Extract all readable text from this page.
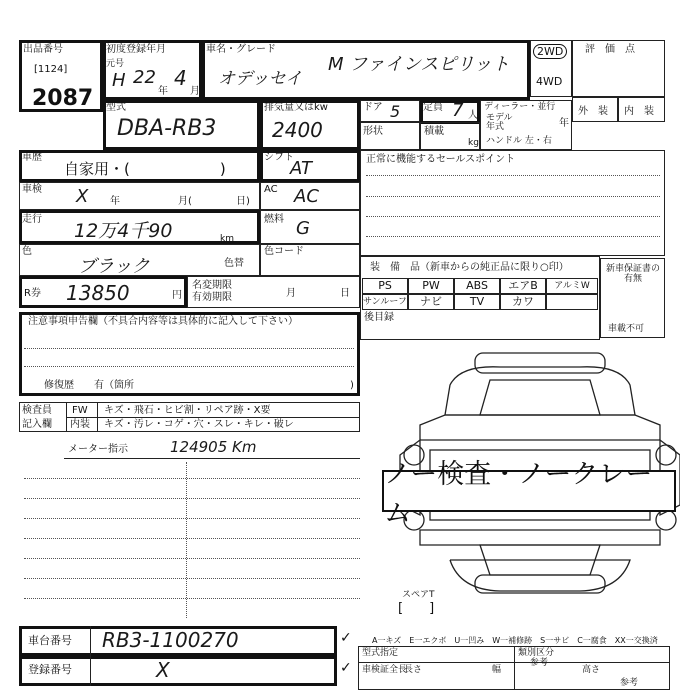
出品番号
[1124]
2087
初度登録年月
元号
H 22
年
4
月
車名・グレード
オデッセイ
M ファインスピリット
2WD
4WD
評　価　点
型式
DBA-RB3
排気量又はkw
2400
ドア 5 定員 7 人
ディーラー・並行
モデル年式	年
ハンドル 左・右
形状	積載
kg
外　装 内　装
車歴
自家用・(　　　　　　)
車検 X 年	月(	日)
走行
12万4千90	km
色
ブラック	色替
R券 13850	円
名変期限
有効期限	月	日
注意事項申告欄（不具合内容等は具体的に記入して下さい）
修復歴　　有（箇所	)
検査員
記入欄
FW キズ・飛石・ヒビ割・リペア跡・X要
内装 キズ・汚レ・コゲ・穴・スレ・キレ・破レ
メーター指示	124905 Km
シフト
AT
AC AC
燃料 G
色コード
正常に機能するセールスポイント
装　備　品（新車からの純正品に限り○印）
PS	PW	ABS	エアB	アルミW
サンルーフ	ナビ	TV	カワ
後目録
新車保証書の有無
車載不可
ノー検査・ノークレーム
スペアT
[　　]
A一キズ　E一エクボ　U一凹み　W一補修跡　S一サビ　C一腐食　XX一交換済
型式指定	類別区分
車検証全長
長さ	幅
参考
高さ
参考
車台番号 RB3-1100270	✓
登録番号	X	✓
